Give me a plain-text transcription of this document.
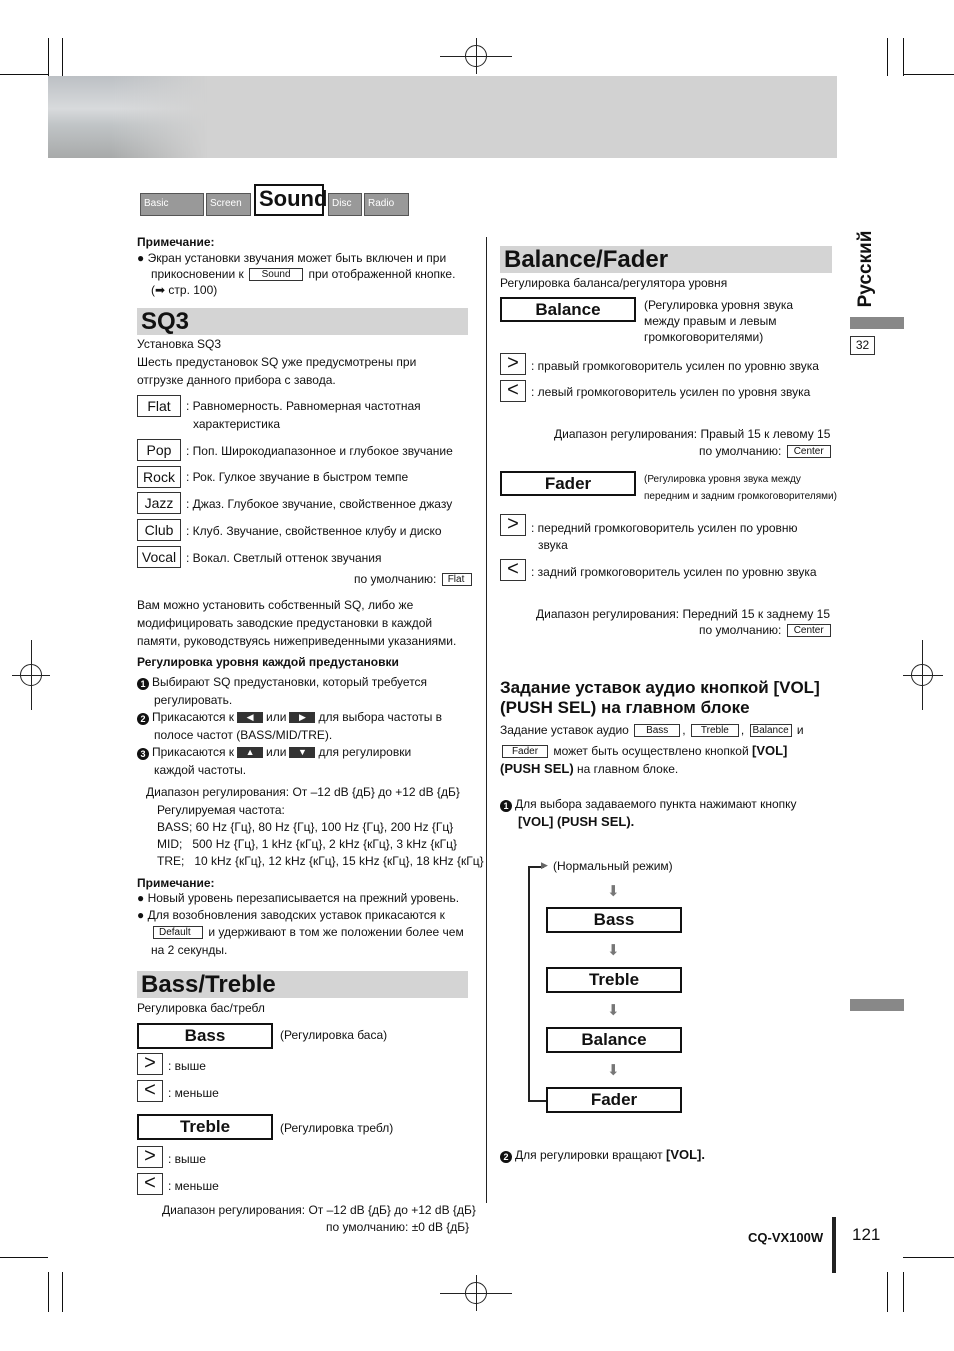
Basic Setting
Screen Sound Disc	Radio
Русский
32
Примечание:
● Экран установки звучания может быть включен и при
прикосновении к Sound при отображенной кнопке.
(➡ стр. 100)
SQ3
Установка SQ3
Шесть предустановок SQ уже предусмотрены при
отгрузке данного прибора с завода.
Flat	: Равномерность. Равномерная частотная
характеристика
Pop	: Поп. Широкодиапазонное и глубокое звучание
Rock : Рок. Гулкое звучание в быстром темпе
Jazz	: Джаз. Глубокое звучание, свойственное джазу
Club	: Клуб. Звучание, свойственное клубу и диско
Vocal : Вокал. Светлый оттенок звучания
по умолчанию: Flat
Вам можно установить собственный SQ, либо же
модифицировать заводские предустановки в каждой
памяти, руководствуясь нижеприведенными указаниями.
Регулировка уровня каждой предустановки
1 Выбирают SQ предустановки, который требуется
регулировать.
2 Прикасаются к ◀ или ▶ для выбора частоты в
полосе частот (BASS/MID/TRE).
3 Прикасаются к ▲ или ▼ для регулировки
каждой частоты.
Диапазон регулирования: От –12 dB {дБ} до +12 dB {дБ}
Регулируемая частота:
BASS; 60 Hz {Гц}, 80 Hz {Гц}, 100 Hz {Гц}, 200 Hz {Гц}
MID;   500 Hz {Гц}, 1 kHz {кГц}, 2 kHz {кГц}, 3 kHz {кГц}
TRE;   10 kHz {кГц}, 12 kHz {кГц}, 15 kHz {кГц}, 18 kHz {кГц}
Примечание:
● Новый уровень перезаписывается на прежний уровень.
● Для возобновления заводских уставок прикасаются к
Default и удерживают в том же положении более чем
на 2 секунды.
Bass/Treble
Регулировка бас/требл
Bass	(Регулировка баса)
>	: выше
<	: меньше
Treble	(Регулировка требл)
>	: выше
<	: меньше
Диапазон регулирования: От –12 dB {дБ} до +12 dB {дБ}
по умолчанию: ±0 dB {дБ}
Balance/Fader
Регулировка баланса/регулятора уровня
Balance	(Регулировка уровня звука
между правым и левым
громкоговорителями)
>	: правый громкоговоритель усилен по уровню звука
<	: левый громкоговоритель усилен по уровня звука
Диапазон регулирования: Правый 15 к левому 15
по умолчанию: Center
Fader	(Регулировка уровня звука между
передним и задним громкоговорителями)
>	: передний громкоговоритель усилен по уровню
звука
<	: задний громкоговоритель усилен по уровню звука
Диапазон регулирования: Передний 15 к заднему 15
по умолчанию: Center
Задание уставок аудио кнопкой [VOL]
(PUSH SEL) на главном блоке
Задание уставок аудио Bass , Treble , Balance и
Fader может быть осуществлено кнопкой [VOL]
(PUSH SEL) на главном блоке.
1 Для выбора задаваемого пункта нажимают кнопку
[VOL] (PUSH SEL).
▶ (Нормальный режим)
⬇
Bass
⬇
Treble
⬇
Balance
⬇
Fader
2 Для регулировки вращают [VOL].
CQ-VX100W 121
